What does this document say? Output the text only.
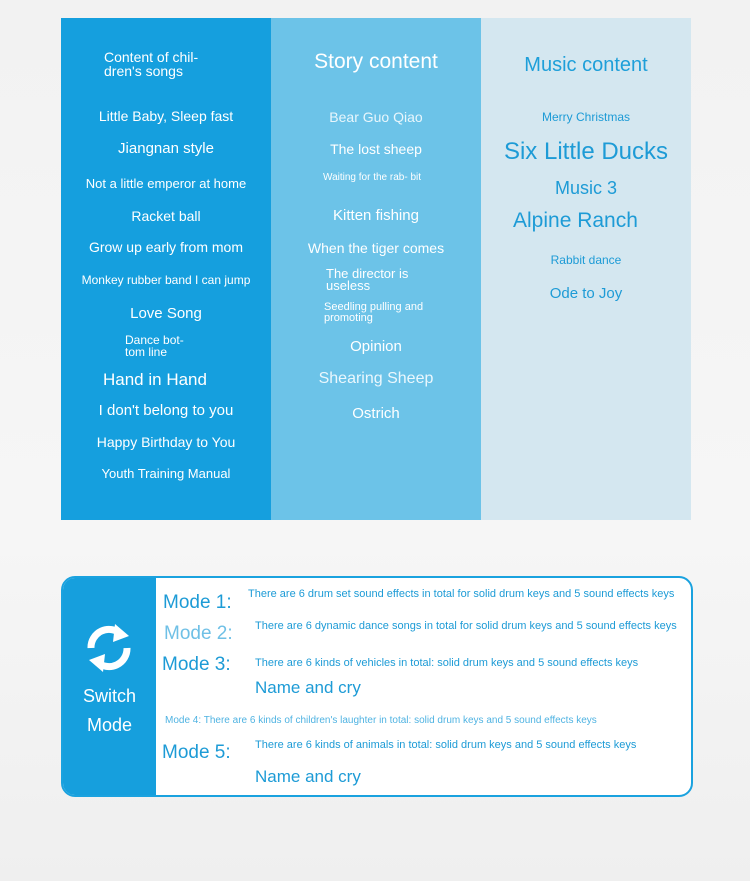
Content of chil- dren's songs
Little Baby, Sleep fast
Jiangnan style
Not a little emperor at home
Racket ball
Grow up early from mom
Monkey rubber band I can jump
Love Song
Dance bot- tom line
Hand in Hand
I don't belong to you
Happy Birthday to You
Youth Training Manual
Story content
Bear Guo Qiao
The lost sheep
Waiting for the rab- bit
Kitten fishing
When the tiger comes
The director is useless
Seedling pulling and promoting
Opinion
Shearing Sheep
Ostrich
Music content
Merry Christmas
Six Little Ducks
Music 3
Alpine Ranch
Rabbit dance
Ode to Joy
Switch
Mode
Mode 1: There are 6 drum set sound effects in total for solid drum keys and 5 sound effects keys
Mode 2: There are 6 dynamic dance songs in total for solid drum keys and 5 sound effects keys
Mode 3: There are 6 kinds of vehicles in total: solid drum keys and 5 sound effects keys
Name and cry
Mode 4: There are 6 kinds of children's laughter in total: solid drum keys and 5 sound effects keys
Mode 5: There are 6 kinds of animals in total: solid drum keys and 5 sound effects keys
Name and cry
